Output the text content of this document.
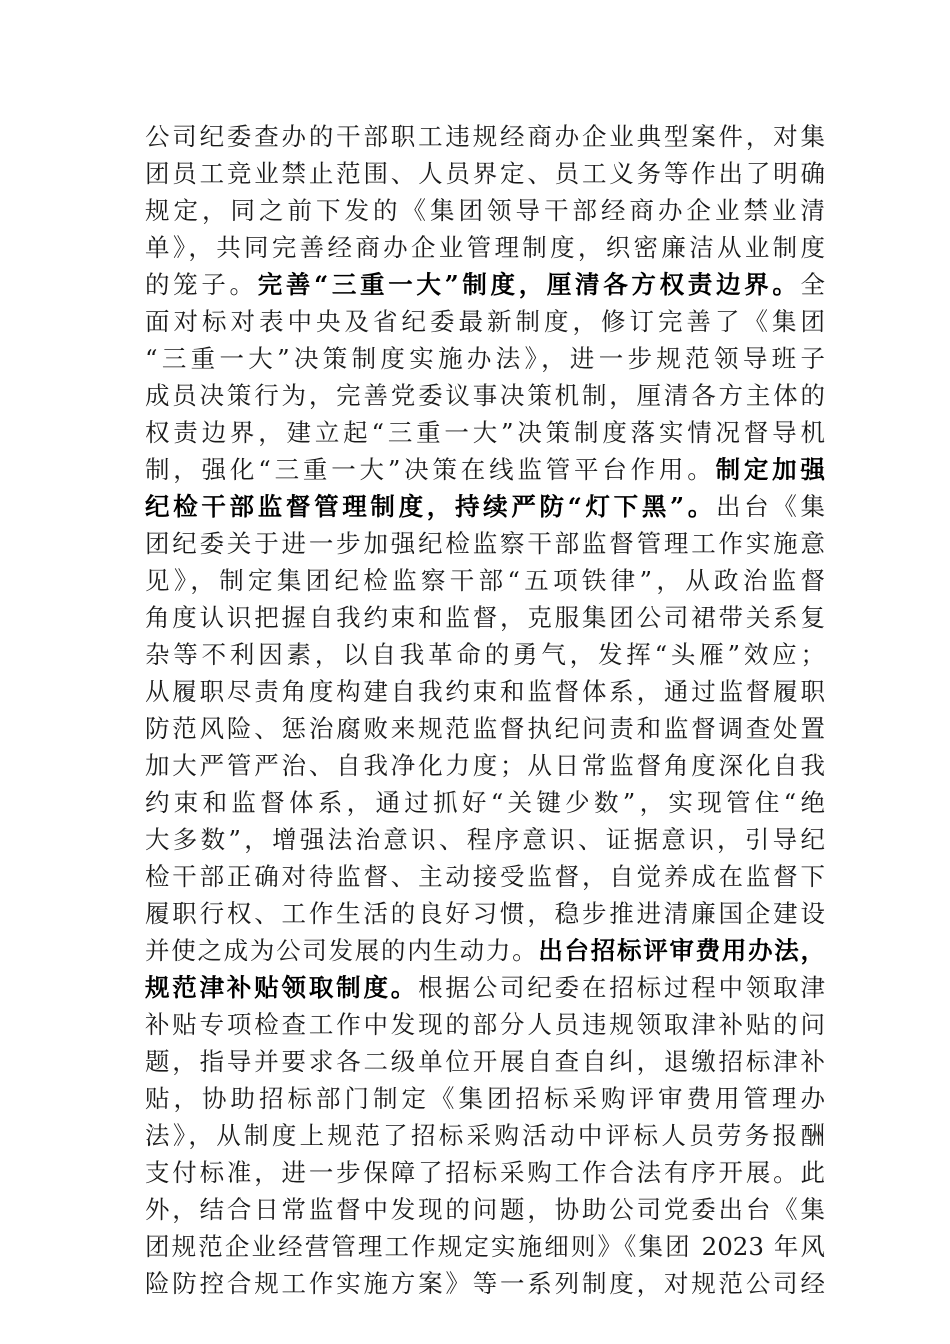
公司纪委查办的干部职工违规经商办企业典型案件，对集
团员工竞业禁止范围、人员界定、员工义务等作出了明确
规定，同之前下发的《集团领导干部经商办企业禁业清
单》，共同完善经商办企业管理制度，织密廉洁从业制度
的笼子。完善“三重一大”制度，厘清各方权责边界。全
面对标对表中央及省纪委最新制度，修订完善了《集团
“三重一大”决策制度实施办法》，进一步规范领导班子
成员决策行为，完善党委议事决策机制，厘清各方主体的
权责边界，建立起“三重一大”决策制度落实情况督导机
制，强化“三重一大”决策在线监管平台作用。制定加强
纪检干部监督管理制度，持续严防“灯下黑”。出台《集
团纪委关于进一步加强纪检监察干部监督管理工作实施意
见》，制定集团纪检监察干部“五项铁律”，从政治监督
角度认识把握自我约束和监督，克服集团公司裙带关系复
杂等不利因素，以自我革命的勇气，发挥“头雁”效应；
从履职尽责角度构建自我约束和监督体系，通过监督履职
防范风险、惩治腐败来规范监督执纪问责和监督调查处置
加大严管严治、自我净化力度；从日常监督角度深化自我
约束和监督体系，通过抓好“关键少数”，实现管住“绝
大多数”，增强法治意识、程序意识、证据意识，引导纪
检干部正确对待监督、主动接受监督，自觉养成在监督下
履职行权、工作生活的良好习惯，稳步推进清廉国企建设
并使之成为公司发展的内生动力。出台招标评审费用办法，
规范津补贴领取制度。根据公司纪委在招标过程中领取津
补贴专项检查工作中发现的部分人员违规领取津补贴的问
题，指导并要求各二级单位开展自查自纠，退缴招标津补
贴，协助招标部门制定《集团招标采购评审费用管理办
法》，从制度上规范了招标采购活动中评标人员劳务报酬
支付标准，进一步保障了招标采购工作合法有序开展。此
外，结合日常监督中发现的问题，协助公司党委出台《集
团规范企业经营管理工作规定实施细则》《集团 2023 年风
险防控合规工作实施方案》等一系列制度，对规范公司经
